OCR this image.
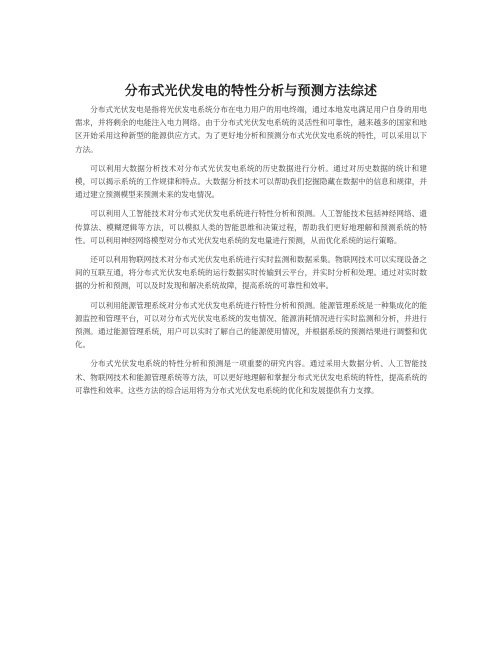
分布式光伏发电的特性分析与预测方法综述

分布式光伏发电是指将光伏发电系统分布在电力用户的用电终端，通过本地发电满足用户自身的用电需求，并将剩余的电能注入电力网络。由于分布式光伏发电系统的灵活性和可靠性，越来越多的国家和地区开始采用这种新型的能源供应方式。为了更好地分析和预测分布式光伏发电系统的特性，可以采用以下方法。

可以利用大数据分析技术对分布式光伏发电系统的历史数据进行分析。通过对历史数据的统计和建模，可以揭示系统的工作规律和特点。大数据分析技术可以帮助我们挖掘隐藏在数据中的信息和规律，并通过建立预测模型来预测未来的发电情况。

可以利用人工智能技术对分布式光伏发电系统进行特性分析和预测。人工智能技术包括神经网络、遗传算法、模糊逻辑等方法，可以模拟人类的智能思维和决策过程，帮助我们更好地理解和预测系统的特性。可以利用神经网络模型对分布式光伏发电系统的发电量进行预测，从而优化系统的运行策略。

还可以利用物联网技术对分布式光伏发电系统进行实时监测和数据采集。物联网技术可以实现设备之间的互联互通，将分布式光伏发电系统的运行数据实时传输到云平台，并实时分析和处理。通过对实时数据的分析和预测，可以及时发现和解决系统故障，提高系统的可靠性和效率。

可以利用能源管理系统对分布式光伏发电系统进行特性分析和预测。能源管理系统是一种集成化的能源监控和管理平台，可以对分布式光伏发电系统的发电情况、能源消耗情况进行实时监测和分析，并进行预测。通过能源管理系统，用户可以实时了解自己的能源使用情况，并根据系统的预测结果进行调整和优化。

分布式光伏发电系统的特性分析和预测是一项重要的研究内容。通过采用大数据分析、人工智能技术、物联网技术和能源管理系统等方法，可以更好地理解和掌握分布式光伏发电系统的特性，提高系统的可靠性和效率。这些方法的综合运用将为分布式光伏发电系统的优化和发展提供有力支撑。
